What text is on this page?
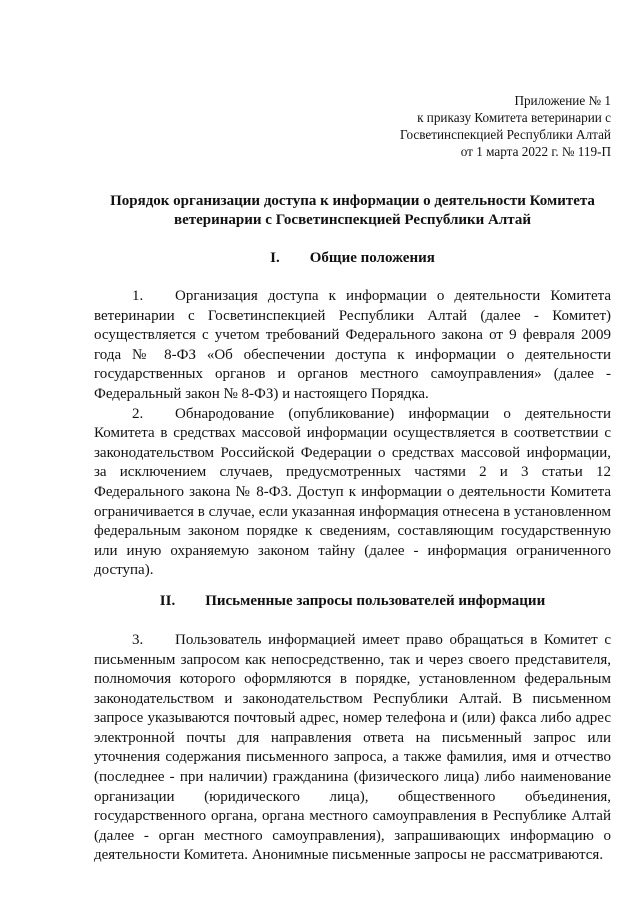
Приложение № 1
к приказу Комитета ветеринарии с
Госветинспекцией Республики Алтай
от 1 марта 2022 г. № 119-П
Порядок организации доступа к информации о деятельности Комитета
ветеринарии с Госветинспекцией Республики Алтай
I. Общие положения

1. Организация доступа к информации о деятельности Комитета ветеринарии с Госветинспекцией Республики Алтай (далее - Комитет) осуществляется с учетом требований Федерального закона от 9 февраля 2009 года № 8-ФЗ «Об обеспечении доступа к информации о деятельности государственных органов и органов местного самоуправления» (далее - Федеральный закон № 8-ФЗ) и настоящего Порядка.

2. Обнародование (опубликование) информации о деятельности Комитета в средствах массовой информации осуществляется в соответствии с законодательством Российской Федерации о средствах массовой информации, за исключением случаев, предусмотренных частями 2 и 3 статьи 12 Федерального закона № 8-ФЗ. Доступ к информации о деятельности Комитета ограничивается в случае, если указанная информация отнесена в установленном федеральным законом порядке к сведениям, составляющим государственную или иную охраняемую законом тайну (далее - информация ограниченного доступа).

II. Письменные запросы пользователей информации

3. Пользователь информацией имеет право обращаться в Комитет с письменным запросом как непосредственно, так и через своего представителя, полномочия которого оформляются в порядке, установленном федеральным законодательством и законодательством Республики Алтай. В письменном запросе указываются почтовый адрес, номер телефона и (или) факса либо адрес электронной почты для направления ответа на письменный запрос или уточнения содержания письменного запроса, а также фамилия, имя и отчество (последнее - при наличии) гражданина (физического лица) либо наименование организации (юридического лица), общественного объединения, государственного органа, органа местного самоуправления в Республике Алтай (далее - орган местного самоуправления), запрашивающих информацию о деятельности Комитета. Анонимные письменные запросы не рассматриваются.
